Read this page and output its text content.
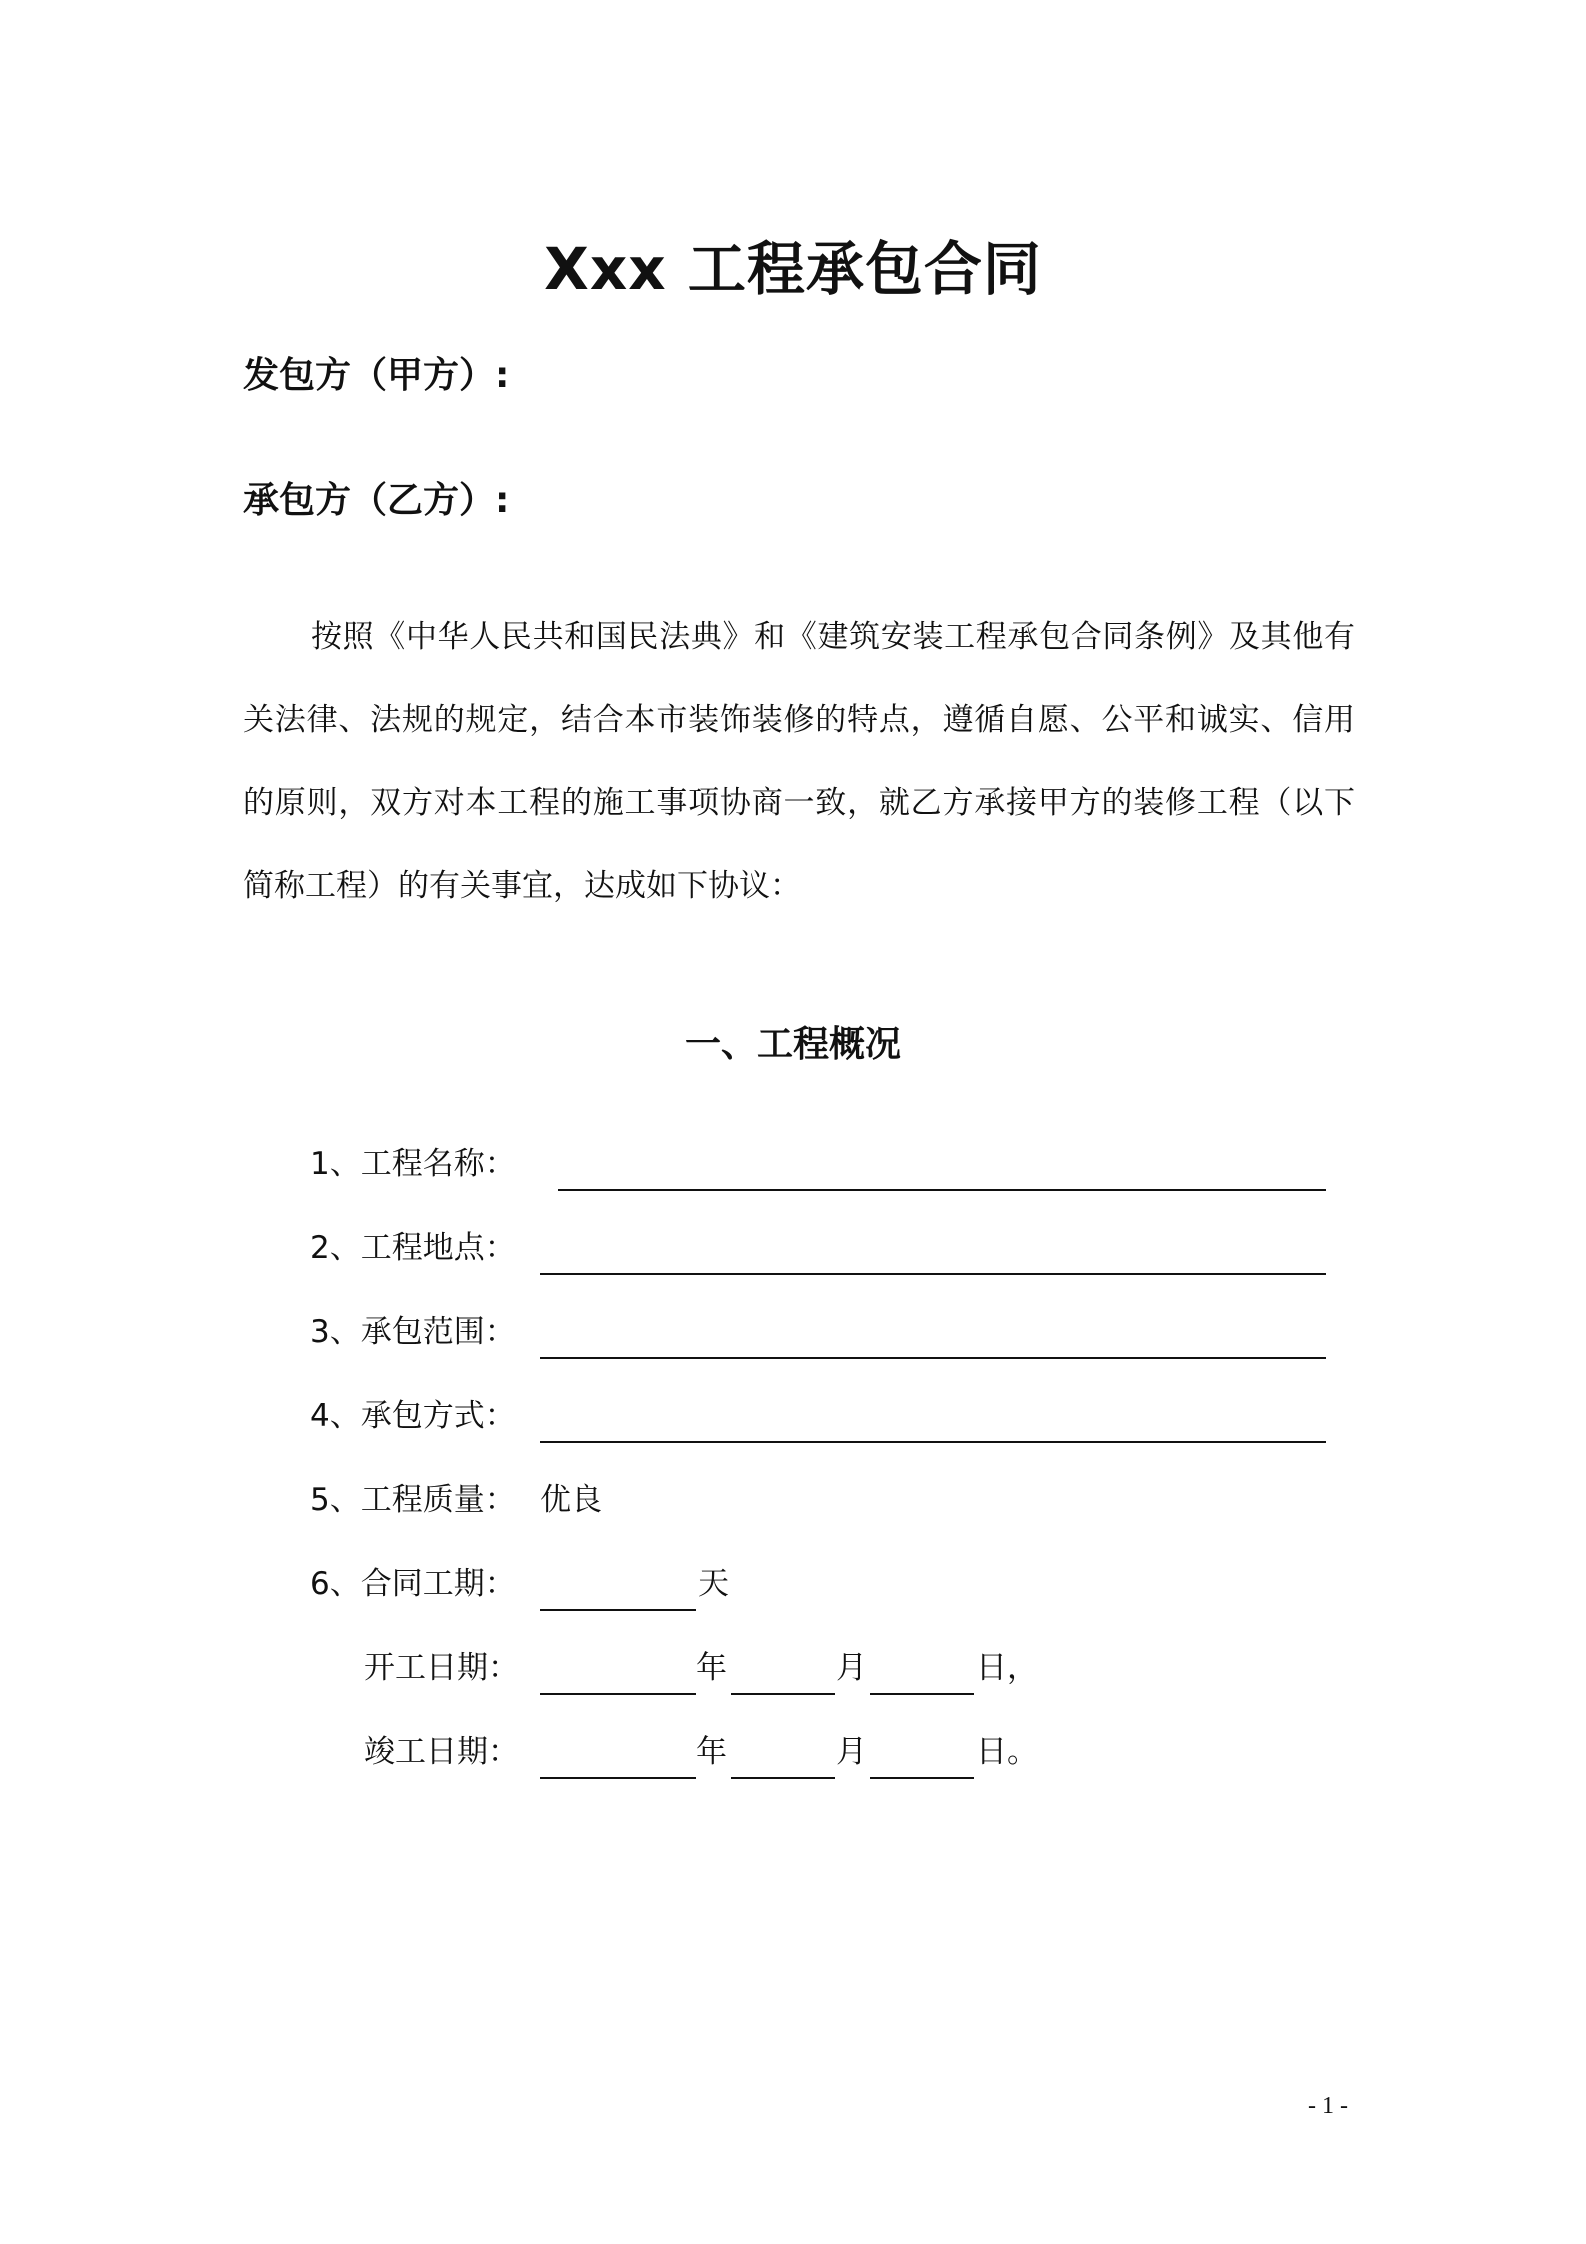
Xxx 工程承包合同
发包方（甲方）:
承包方（乙方）:

按照《中华人民共和国民法典》和《建筑安装工程承包合同条例》及其他有关法律、法规的规定，结合本市装饰装修的特点，遵循自愿、公平和诚实、信用的原则，双方对本工程的施工事项协商一致，就乙方承接甲方的装修工程（以下简称工程）的有关事宜，达成如下协议：

一、工程概况
1、工程名称：
2、工程地点：
3、承包范围：
4、承包方式：
5、工程质量： 优良
6、合同工期：	天
开工日期：	年	月	日，
竣工日期：	年	月	日。
- 1 -
